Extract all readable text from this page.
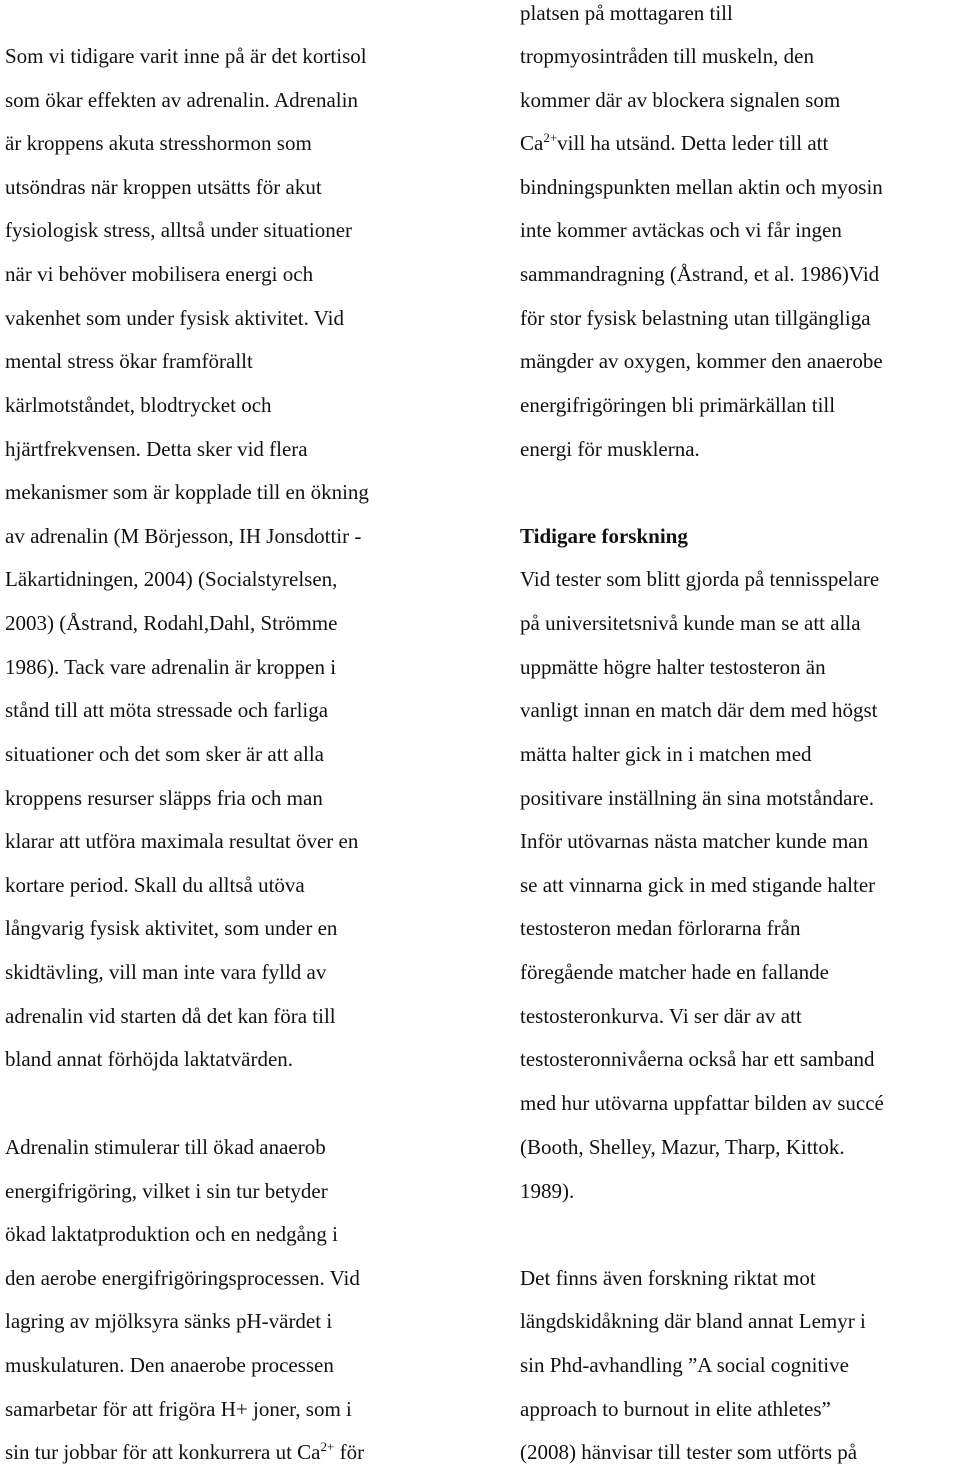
Som vi tidigare varit inne på är det kortisol
som ökar effekten av adrenalin. Adrenalin
är kroppens akuta stresshormon som
utsöndras när kroppen utsätts för akut
fysiologisk stress, alltså under situationer
när vi behöver mobilisera energi och
vakenhet som under fysisk aktivitet. Vid
mental stress ökar framförallt
kärlmotståndet, blodtrycket och
hjärtfrekvensen. Detta sker vid flera
mekanismer som är kopplade till en ökning
av adrenalin (M Börjesson, IH Jonsdottir -
Läkartidningen, 2004) (Socialstyrelsen,
2003) (Åstrand, Rodahl,Dahl, Strömme
1986). Tack vare adrenalin är kroppen i
stånd till att möta stressade och farliga
situationer och det som sker är att alla
kroppens resurser släpps fria och man
klarar att utföra maximala resultat över en
kortare period. Skall du alltså utöva
långvarig fysisk aktivitet, som under en
skidtävling, vill man inte vara fylld av
adrenalin vid starten då det kan föra till
bland annat förhöjda laktatvärden.
Adrenalin stimulerar till ökad anaerob
energifrigöring, vilket i sin tur betyder
ökad laktatproduktion och en nedgång i
den aerobe energifrigöringsprocessen. Vid
lagring av mjölksyra sänks pH-värdet i
muskulaturen. Den anaerobe processen
samarbetar för att frigöra H+ joner, som i
sin tur jobbar för att konkurrera ut $Ca^{2+}$ för
platsen på mottagaren till
tropmyosintråden till muskeln, den
kommer där av blockera signalen som
$Ca^{2+}vill$ ha utsänd. Detta leder till att
bindningspunkten mellan aktin och myosin
inte kommer avtäckas och vi får ingen
sammandragning (Åstrand, et al. 1986)Vid
för stor fysisk belastning utan tillgängliga
mängder av oxygen, kommer den anaerobe
energifrigöringen bli primärkällan till
energi för musklerna.
Tidigare forskning
Vid tester som blitt gjorda på tennisspelare
på universitetsnivå kunde man se att alla
uppmätte högre halter testosteron än
vanligt innan en match där dem med högst
mätta halter gick in i matchen med
positivare inställning än sina motståndare.
Inför utövarnas nästa matcher kunde man
se att vinnarna gick in med stigande halter
testosteron medan förlorarna från
föregående matcher hade en fallande
testosteronkurva. Vi ser där av att
testosteronnivåerna också har ett samband
med hur utövarna uppfattar bilden av succé
(Booth, Shelley, Mazur, Tharp, Kittok.
1989).
Det finns även forskning riktat mot
längdskidåkning där bland annat Lemyr i
sin Phd-avhandling ”A social cognitive
approach to burnout in elite athletes”
(2008) hänvisar till tester som utförts på
